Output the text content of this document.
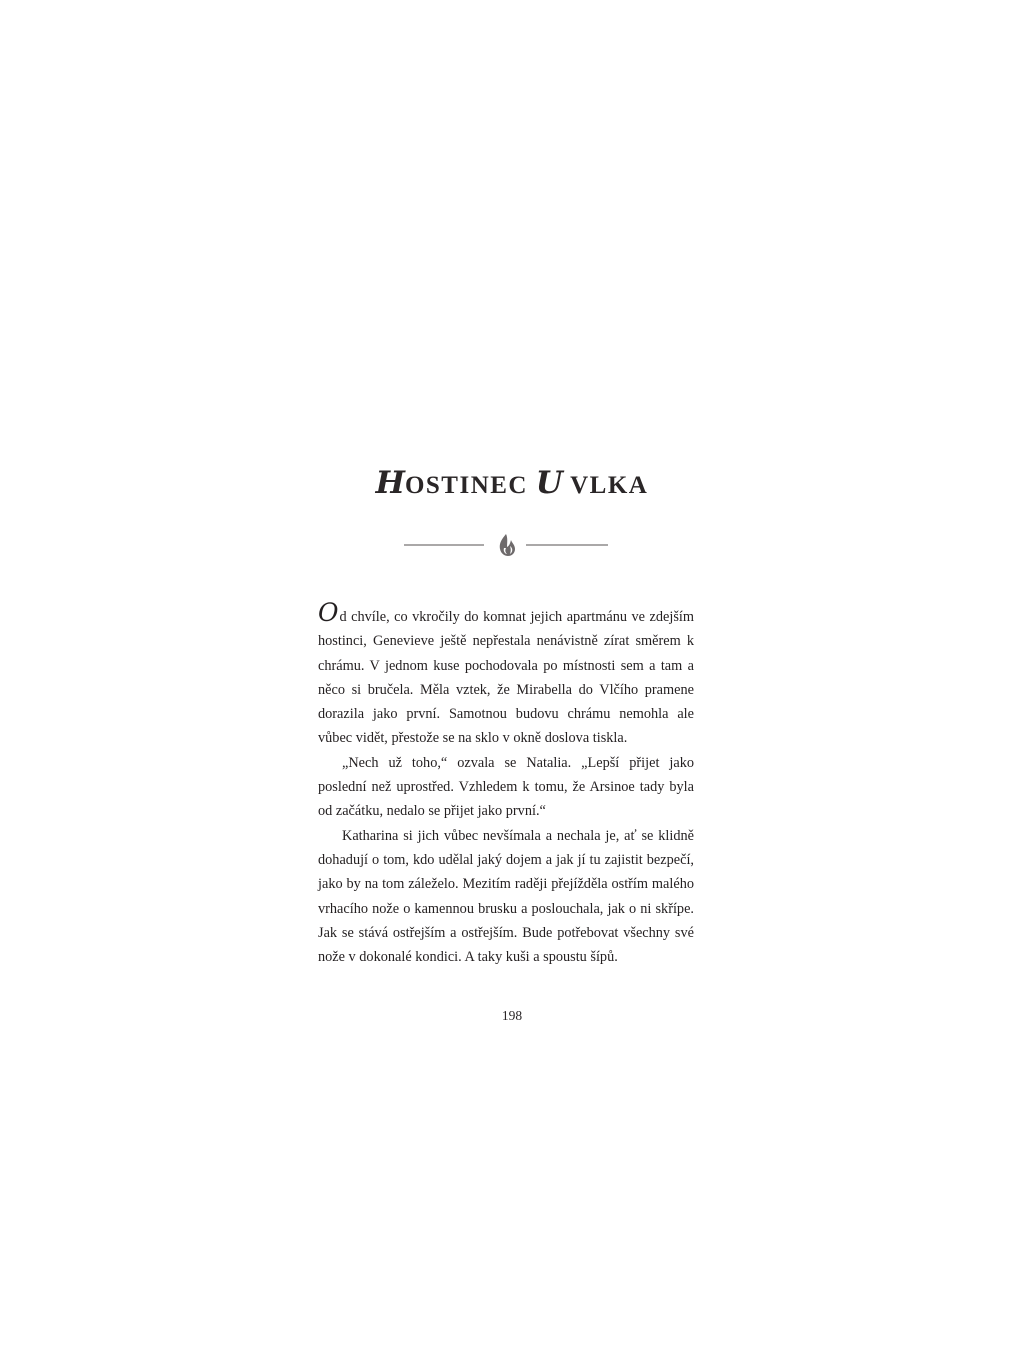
HOSTINEC U VLKA

Od chvíle, co vkročily do komnat jejich apartmánu ve zdejším hostinci, Genevieve ještě nepřestala nenávistně zírat směrem k chrámu. V jednom kuse pochodovala po místnosti sem a tam a něco si bručela. Měla vztek, že Mirabella do Vlčího pramene dorazila jako první. Samotnou budovu chrámu nemohla ale vůbec vidět, přestože se na sklo v okně doslova tiskla.

„Nech už toho,“ ozvala se Natalia. „Lepší přijet jako poslední než uprostřed. Vzhledem k tomu, že Arsinoe tady byla od začátku, nedalo se přijet jako první.“

Katharina si jich vůbec nevšímala a nechala je, ať se klidně dohadují o tom, kdo udělal jaký dojem a jak jí tu zajistit bezpečí, jako by na tom záleželo. Mezitím raději přejížděla ostřím malého vrhacího nože o kamennou brusku a poslouchala, jak o ni skřípe. Jak se stává ostřejším a ostřejším. Bude potřebovat všechny své nože v dokonalé kondici. A taky kuši a spoustu šípů.

198
